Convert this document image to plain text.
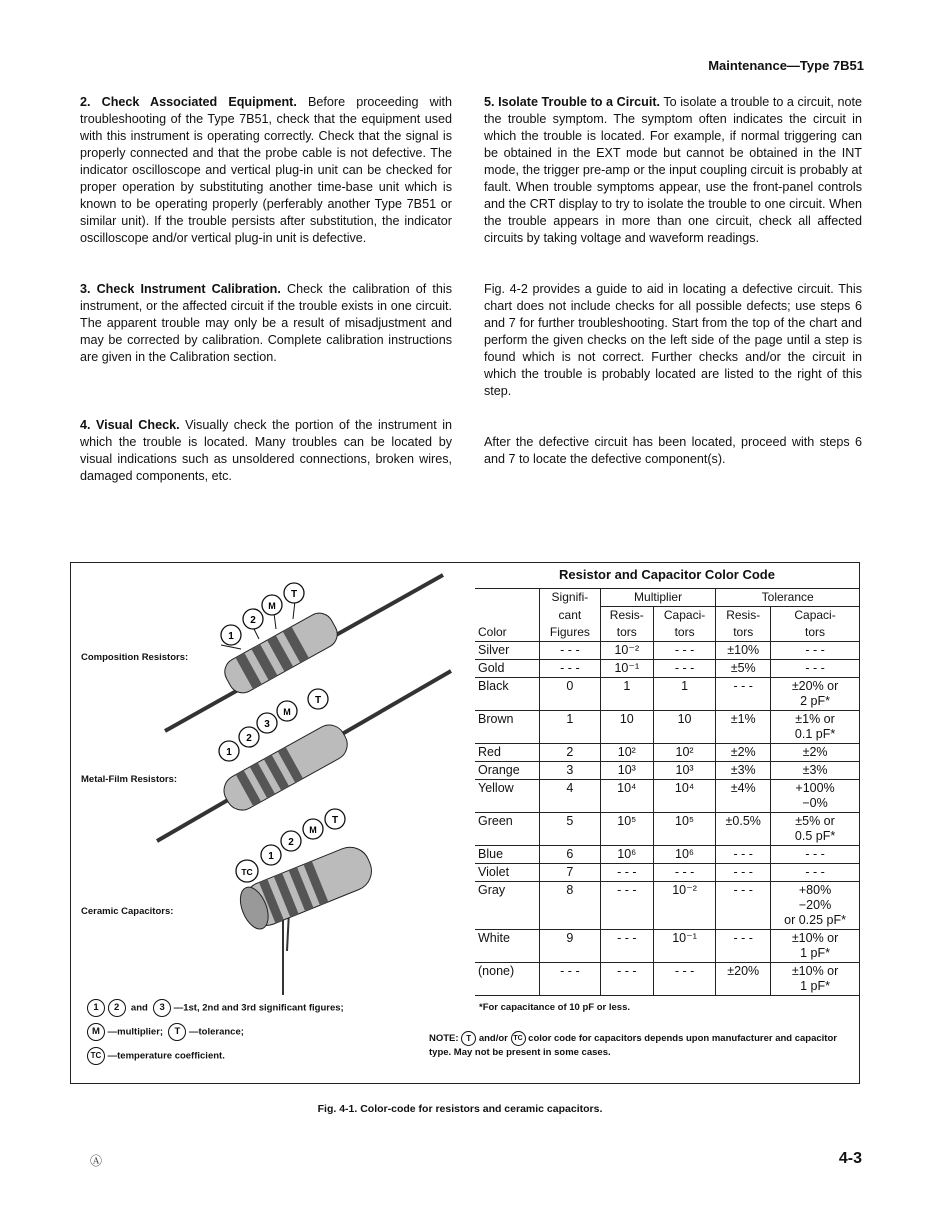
Maintenance—Type 7B51

2. Check Associated Equipment. Before proceeding with troubleshooting of the Type 7B51, check that the equipment used with this instrument is operating correctly. Check that the signal is properly connected and that the probe cable is not defective. The indicator oscilloscope and vertical plug-in unit can be checked for proper operation by substituting another time-base unit which is known to be operating properly (perferably another Type 7B51 or similar unit). If the trouble persists after substitution, the indicator oscilloscope and/or vertical plug-in unit is defective.

3. Check Instrument Calibration. Check the calibration of this instrument, or the affected circuit if the trouble exists in one circuit. The apparent trouble may only be a result of misadjustment and may be corrected by calibration. Complete calibration instructions are given in the Calibration section.

4. Visual Check. Visually check the portion of the instrument in which the trouble is located. Many troubles can be located by visual indications such as unsoldered connections, broken wires, damaged components, etc.

5. Isolate Trouble to a Circuit. To isolate a trouble to a circuit, note the trouble symptom. The symptom often indicates the circuit in which the trouble is located. For example, if normal triggering can be obtained in the EXT mode but cannot be obtained in the INT mode, the trigger pre-amp or the input coupling circuit is probably at fault. When trouble symptoms appear, use the front-panel controls and the CRT display to try to isolate the trouble to one circuit. When the trouble appears in more than one circuit, check all affected circuits by taking voltage and waveform readings.

Fig. 4-2 provides a guide to aid in locating a defective circuit. This chart does not include checks for all possible defects; use steps 6 and 7 for further troubleshooting. Start from the top of the chart and perform the given checks on the left side of the page until a step is found which is not correct. Further checks and/or the circuit in which the trouble is probably located are listed to the right of this step.

After the defective circuit has been located, proceed with steps 6 and 7 to locate the defective component(s).

1
2
M
T
1
2
3
M
T
TC
1
2
M
T
Composition Resistors:
Metal-Film Resistors:
Ceramic Capacitors:
1 2 and 3 —1st, 2nd and 3rd significant figures;
M —multiplier; T —tolerance;
TC —temperature coefficient.
Resistor and Capacitor Color Code
	Signifi-	Multiplier		Tolerance	
	cant	Resis-	Capaci-	Resis-	Capaci-
Color	Figures	tors	tors	tors	tors

Silver	- - -	10⁻²	- - -	±10%	- - -

Gold	- - -	10⁻¹	- - -	±5%	- - -

Black	0	1	1	- - -	±20% or
2 pF*

Brown	1	10	10	±1%	±1% or
0.1 pF*

Red	2	10²	10²	±2%	±2%

Orange	3	10³	10³	±3%	±3%

Yellow	4	10⁴	10⁴	±4%	+100%
−0%

Green	5	10⁵	10⁵	±0.5%	±5% or
0.5 pF*

Blue	6	10⁶	10⁶	- - -	- - -

Violet	7	- - -	- - -	- - -	- - -

Gray	8	- - -	10⁻²	- - -	+80%
−20%
or 0.25 pF*

White	9	- - -	10⁻¹	- - -	±10% or
1 pF*

(none)	- - -	- - -	- - -	±20%	±10% or
1 pF*
*For capacitance of 10 pF or less.
NOTE: T and/or TC color code for capacitors depends upon manufacturer and capacitor type. May not be present in some cases.
Fig. 4-1. Color-code for resistors and ceramic capacitors.
Ⓐ	4-3
